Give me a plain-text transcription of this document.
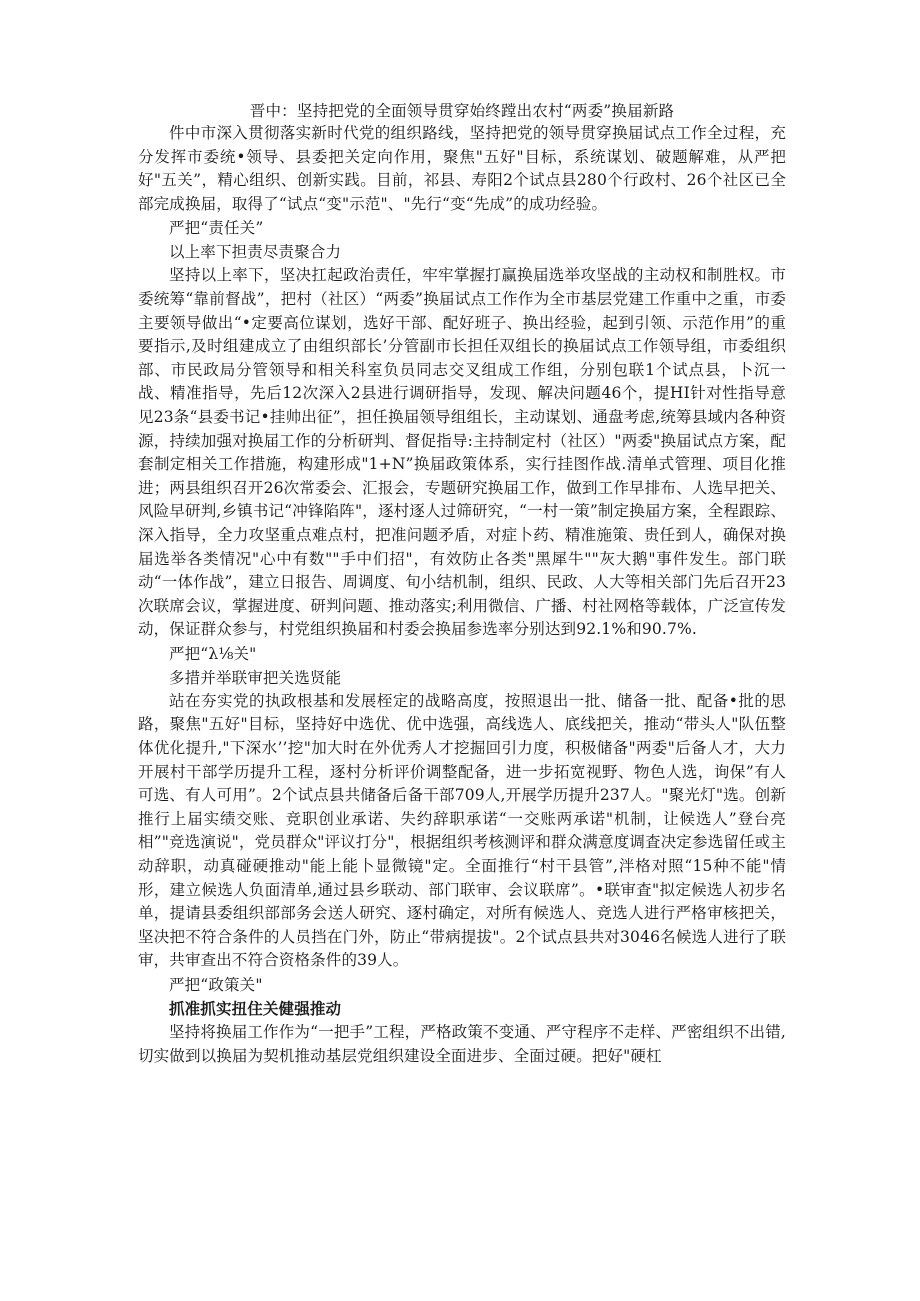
晋中：坚持把党的全面领导贯穿始终蹚出农村“两委”换届新路

件中市深入贯彻落实新时代党的组织路线，坚持把党的领导贯穿换届试点工作全过程，充分发挥市委统•领导、县委把关定向作用，聚焦"五好"目标，系统谋划、破题解难，从严把好"五关”，精心组织、创新实践。目前，祁县、寿阳2个试点县280个行政村、26个社区已全部完成换届，取得了“试点“变"示范"、"先行“变“先成”的成功经验。

严把“责任关”

以上率下担责尽责聚合力

坚持以上率下，坚决扛起政治责任，牢牢掌握打赢换届选举攻坚战的主动权和制胜权。市委统筹“靠前督战”，把村（社区）“两委”换届试点工作作为全市基层党建工作重中之重，市委主要领导做出“•定要高位谋划，选好干部、配好班子、换出经验，起到引领、示范作用”的重要指示,及时组建成立了由组织部长’分管副市长担任双组长的换届试点工作领导组，市委组织部、市民政局分管领导和相关科室负员同志交叉组成工作组，分别包联1个试点县，卜沉一战、精准指导，先后12次深入2县进行调研指导，发现、解决问题46个，提HI针对性指导意见23条“县委书记•挂帅出征”，担任换届领导组组长，主动谋划、通盘考虑,统筹县域内各种资源，持续加强对换届工作的分析研判、督促指导:主持制定村（社区）"两委"换届试点方案，配套制定相关工作措施，构建形成"1+N”换届政策体系，实行挂图作战.清单式管理、项目化推进；两县组织召开26次常委会、汇报会，专题研究换届工作，做到工作早排布、人选早把关、风险早研判,乡镇书记“冲锋陷阵"，逐村逐人过筛研究，“一村一策”制定换届方案，全程跟踪、深入指导，全力攻坚重点难点村，把准问题矛盾，对症卜药、精准施策、贵任到人，确保对换届选举各类情况"心中有数""手中们招"，有效防止各类"黑犀牛""灰大鹅"事件发生。部门联动“一体作战”，建立日报告、周调度、旬小结机制，组织、民政、人大等相关部门先后召开23次联席会议，掌握进度、研判问题、推动落实;利用微信、广播、村社网格等载体，广泛宣传发动，保证群众参与，村党组织换届和村委会换届参选率分别达到92.1%和90.7%.

严把“λ⅛关"

多措并举联审把关选贤能

站在夯实党的执政根基和发展桎定的战略高度，按照退出一批、储备一批、配备•批的思路，聚焦"五好"目标，坚持好中选优、优中选强，高线选人、底线把关，推动“带头人"队伍整体优化提升,"下深水’’挖"加大时在外优秀人才挖掘回引力度，积极储备"两委"后备人才，大力开展村干部学历提升工程，逐村分析评价调整配备，进一步拓宽视野、物色人选，询保”有人可选、有人可用”。2个试点县共储备后备干部709人,开展学历提升237人。"聚光灯"选。创新推行上届实绩交账、竞职创业承诺、失约辞职承诺“一交账两承诺"机制，让候选人”登台亮相”"竞选演说"，党员群众"评议打分"，根据组织考核测评和群众满意度调査决定参选留任或主动辞职，动真碰硬推动"能上能卜显微镜"定。全面推行“村干县管”,泮格对照“15种不能"情形，建立候选人负面清单,通过县乡联动、部门联审、会议联席”。•联审査"拟定候选人初步名单，提请县委组织部部务会送人研究、逐村确定，对所有候选人、竞选人进行严格审核把关，坚决把不符合条件的人员挡在门外，防止“带病提拔"。2个试点县共对3046名候选人进行了联审，共审查出不符合资格条件的39人。

严把“政策关"

抓准抓实扭住关健强推动

坚持将换届工作作为“一把手”工程，严格政策不变通、严守程序不走样、严密组织不出错,切实做到以换届为契机推动基层党组织建设全面进步、全面过硬。把好"硬杠
